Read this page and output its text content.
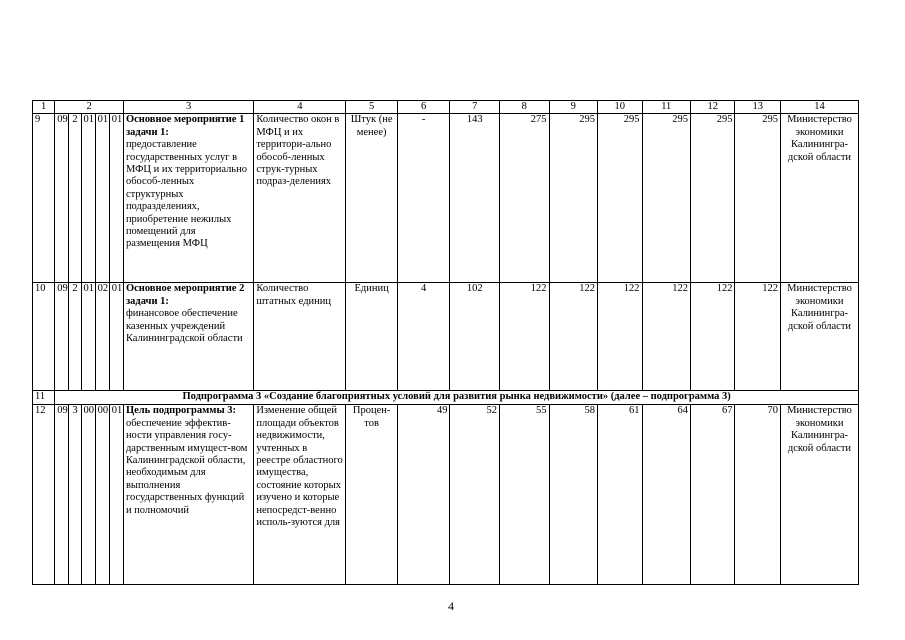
1	2					3	4	5	6	7	8	9	10	11	12	13	14
9	09	2	01	01	01	Основное мероприятие 1 задачи 1:
предоставление государственных услуг в МФЦ и их территориально обособ-ленных структурных подразделениях, приобретение нежилых помещений для размещения МФЦ	Количество окон в МФЦ и их территори-ально обособ-ленных струк-турных подраз-делениях	Штук (не менее)	-	143	275	295	295	295	295	295	Министерство экономики Калинингра-дской области
10	09	2	01	02	01	Основное мероприятие 2 задачи 1:
финансовое обеспечение казенных учреждений Калининградской области	Количество штатных единиц	Единиц	4	102	122	122	122	122	122	122	Министерство экономики Калинингра-дской области
11	Подпрограмма 3 «Создание благоприятных условий для развития рынка недвижимости» (далее – подпрограмма 3)																
12	09	3	00	00	01	Цель подпрограммы 3:
обеспечение эффектив-ности управления госу-дарственным имущест-вом Калининградской области, необходимым для выполнения государственных функций и полномочий	Изменение общей площади объектов недвижимости, учтенных в реестре областного имущества, состояние которых изучено и которые непосредст-венно исполь-зуются для	Процен-тов	49	52	55	58	61	64	67	70	Министерство экономики Калинингра-дской области
4
